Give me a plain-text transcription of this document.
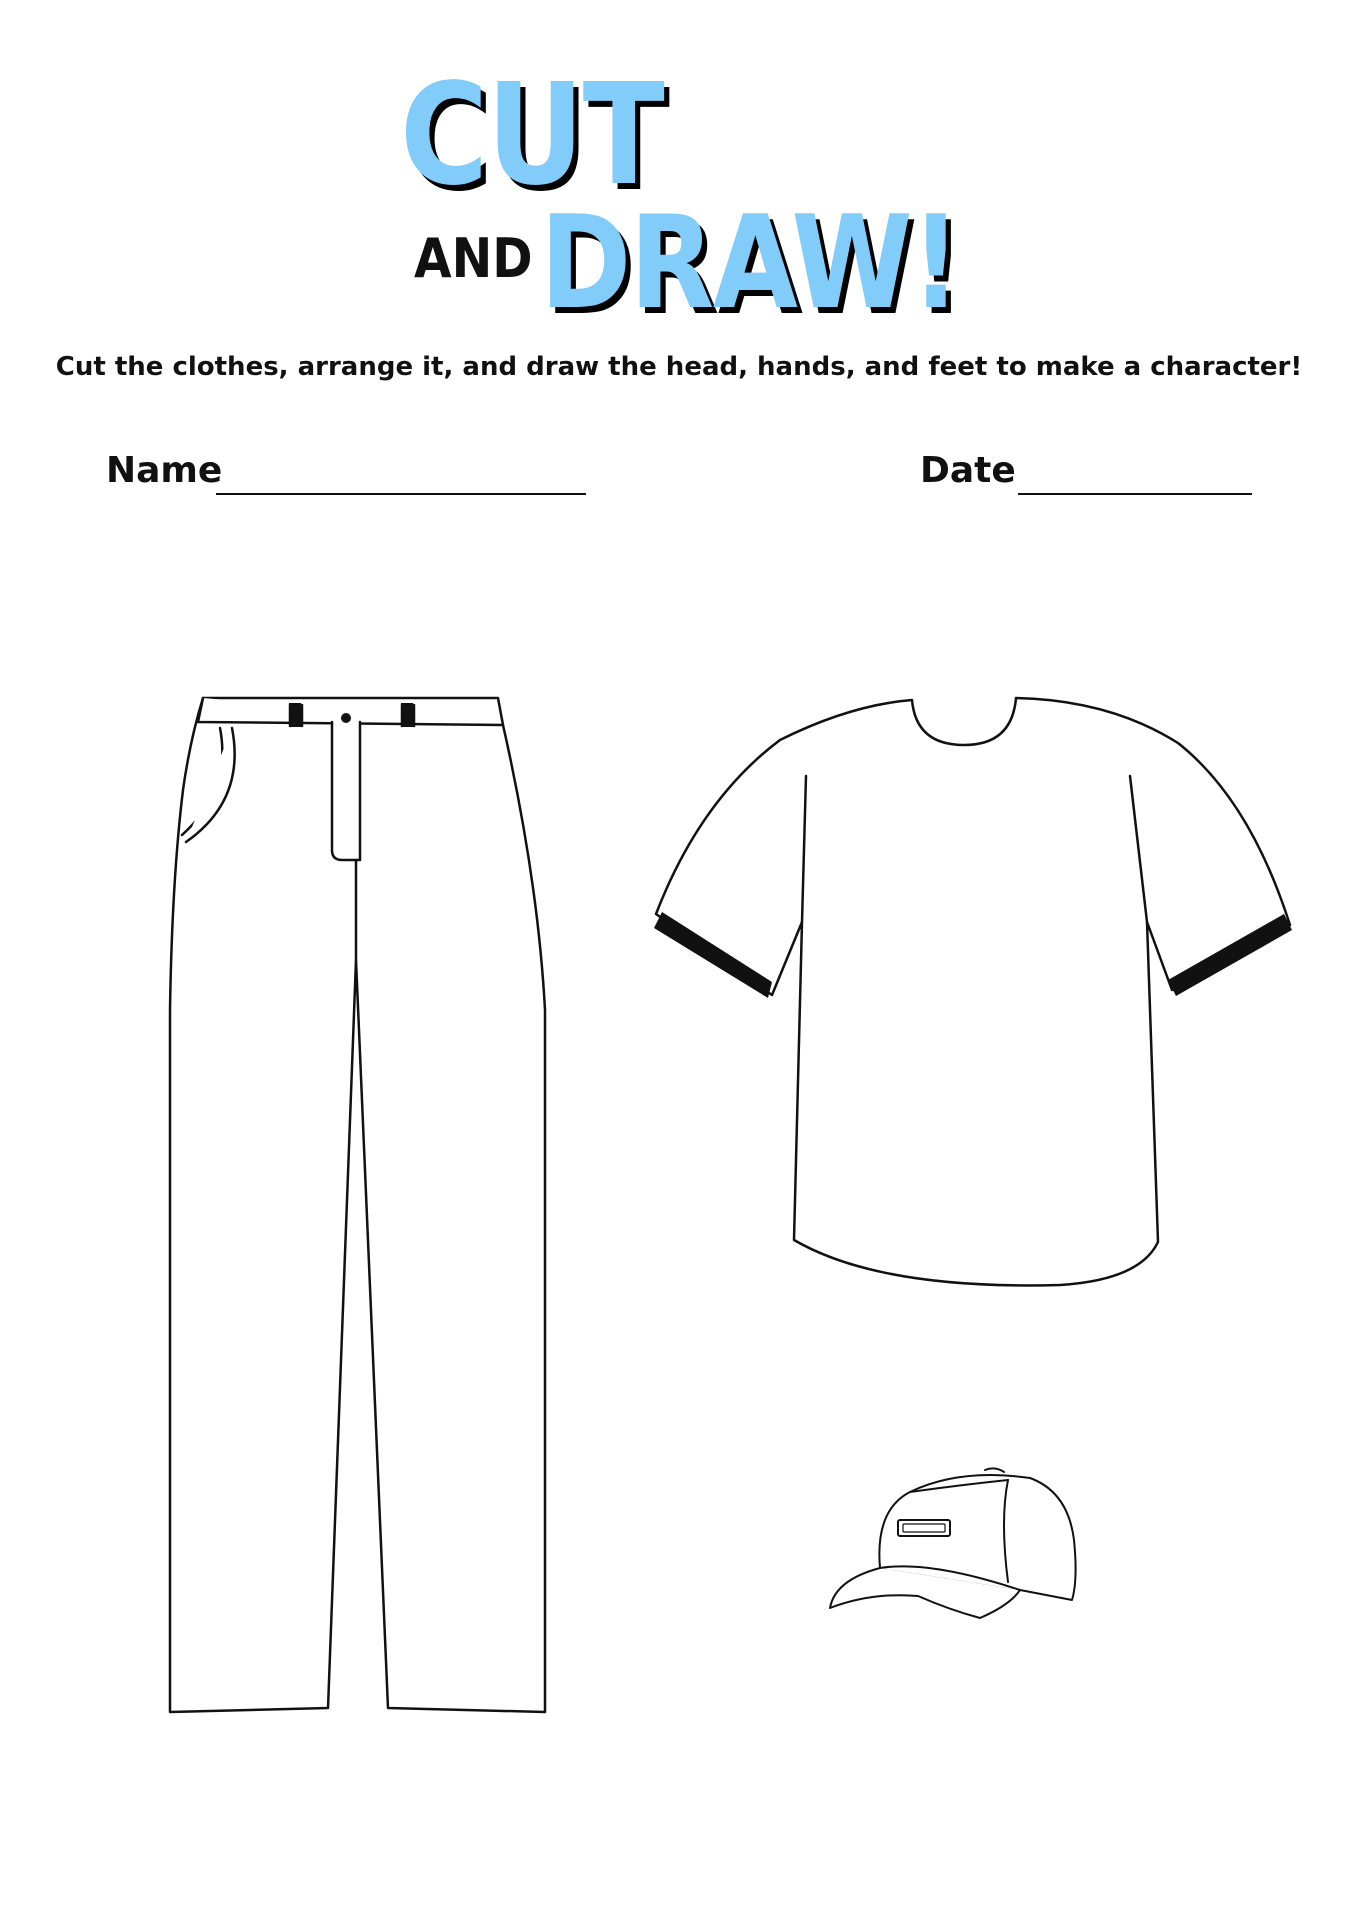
CUT
AND DRAW!
Cut the clothes, arrange it, and draw the head, hands, and feet to make a character!
Name	Date
